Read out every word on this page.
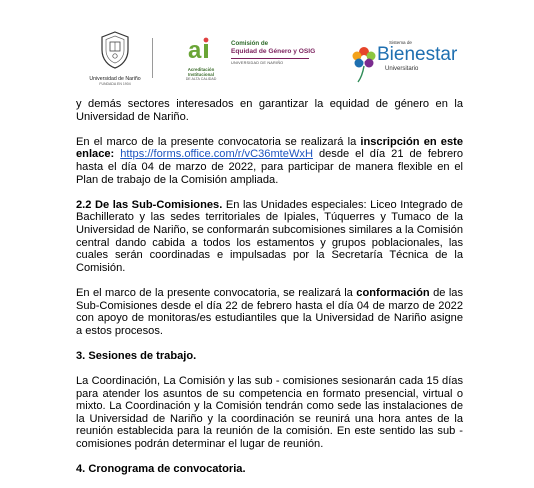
Universidad de Nariño
FUNDADA EN 1904
a
Acreditación
Institucional
DE ALTA CALIDAD
Comisión de
Equidad de Género y OSIG
UNIVERSIDAD DE NARIÑO
Sistema de
Bienestar
Universitario

y demás sectores interesados en garantizar la equidad de género en la Universidad de Nariño.

En el marco de la presente convocatoria se realizará la inscripción en este enlace: https://forms.office.com/r/vC36mteWxH desde el día 21 de febrero hasta el día 04 de marzo de 2022, para participar de manera flexible en el Plan de trabajo de la Comisión ampliada.

2.2 De las Sub-Comisiones. En las Unidades especiales: Liceo Integrado de Bachillerato y las sedes territoriales de Ipiales, Túquerres y Tumaco de la Universidad de Nariño, se conformarán subcomisiones similares a la Comisión central dando cabida a todos los estamentos y grupos poblacionales, las cuales serán coordinadas e impulsadas por la Secretaría Técnica de la Comisión.

En el marco de la presente convocatoria, se realizará la conformación de las Sub-Comisiones desde el día 22 de febrero hasta el día 04 de marzo de 2022 con apoyo de monitoras/es estudiantiles que la Universidad de Nariño asigne a estos procesos.

3. Sesiones de trabajo.

La Coordinación, La Comisión y las sub - comisiones sesionarán cada 15 días para atender los asuntos de su competencia en formato presencial, virtual o mixto. La Coordinación y la Comisión tendrán como sede las instalaciones de la Universidad de Nariño y la coordinación se reunirá una hora antes de la reunión establecida para la reunión de la comisión. En este sentido las sub - comisiones podrán determinar el lugar de reunión.

4. Cronograma de convocatoria.
